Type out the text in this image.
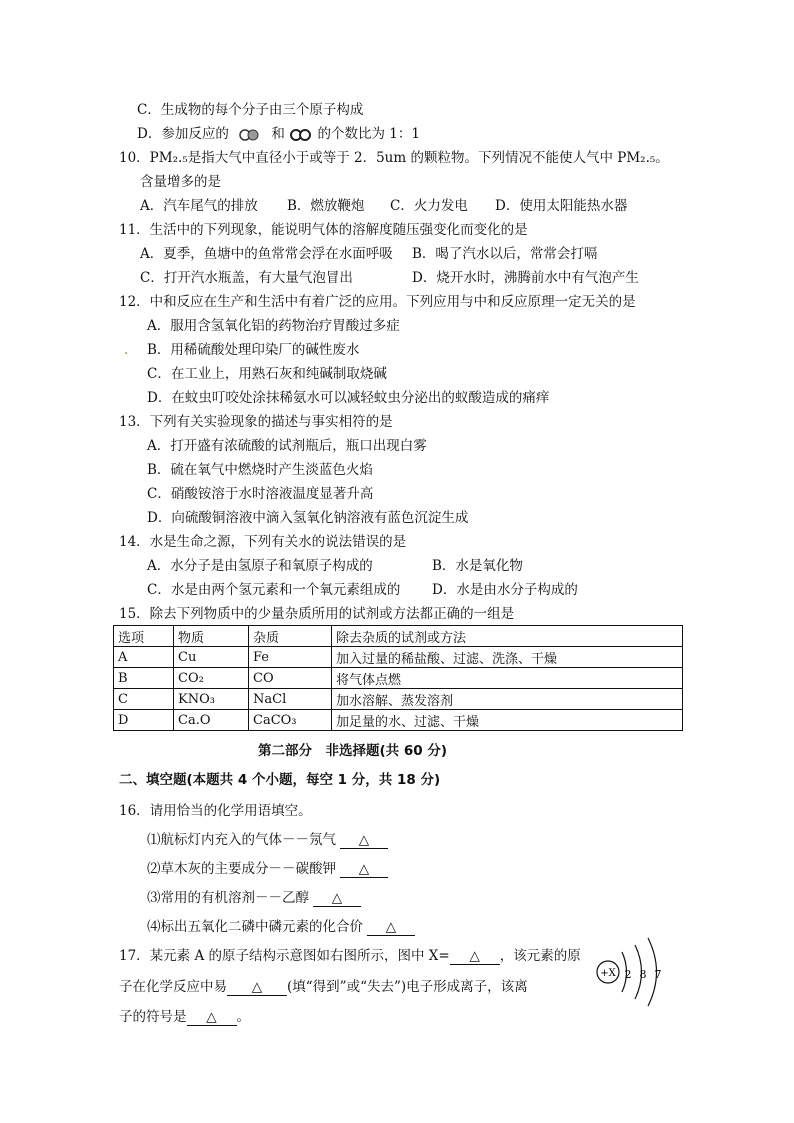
C．生成物的每个分子由三个原子构成
D．参加反应的	和 的个数比为 1：1
10．PM₂.₅是指大气中直径小于或等于 2．5um 的颗粒物。下列情况不能使人气中 PM₂.₅。
含量增多的是
A．汽车尾气的排放 B．燃放鞭炮 C．火力发电 D．使用太阳能热水器
11．生活中的下列现象，能说明气体的溶解度随压强变化而变化的是
A．夏季，鱼塘中的鱼常常会浮在水面呼吸 B．喝了汽水以后，常常会打嗝
C．打开汽水瓶盖，有大量气泡冒出	D．烧开水时，沸腾前水中有气泡产生
12．中和反应在生产和生活中有着广泛的应用。下列应用与中和反应原理一定无关的是
A．服用含氢氧化铝的药物治疗胃酸过多症
. B．用稀硫酸处理印染厂的碱性废水
C．在工业上，用熟石灰和纯碱制取烧碱
D．在蚊虫叮咬处涂抹稀氨水可以减轻蚊虫分泌出的蚁酸造成的痛痒
13．下列有关实验现象的描述与事实相符的是
A．打开盛有浓硫酸的试剂瓶后，瓶口出现白雾
B．硫在氧气中燃烧时产生淡蓝色火焰
C．硝酸铵溶于水时溶液温度显著升高
D．向硫酸铜溶液中滴入氢氧化钠溶液有蓝色沉淀生成
14．水是生命之源，下列有关水的说法错误的是
A．水分子是由氢原子和氧原子构成的	B．水是氧化物
C．水是由两个氢元素和一个氧元素组成的 D．水是由水分子构成的
15．除去下列物质中的少量杂质所用的试剂或方法都正确的一组是
选项	物质	杂质	除去杂质的试剂或方法
A	Cu	Fe	加入过量的稀盐酸、过滤、洗涤、干燥
B	CO₂	CO	将气体点燃
C	KNO₃	NaCl	加水溶解、蒸发溶剂
D	Ca.O	CaCO₃	加足量的水、过滤、干燥
第二部分　非选择题(共 60 分)
二、填空题(本题共 4 个小题，每空 1 分，共 18 分)
16．请用恰当的化学用语填空。
⑴航标灯内充入的气体－－氖气 △
⑵草木灰的主要成分－－碳酸钾 △
⑶常用的有机溶剂－－乙醇 △
⑷标出五氧化二磷中磷元素的化合价 △
17．某元素 A 的原子结构示意图如右图所示，图中 X= △ ，该元素的原
子在化学反应中易 △ (填“得到”或“失去”)电子形成离子，该离
子的符号是 △ 。
+X 2 8 7
